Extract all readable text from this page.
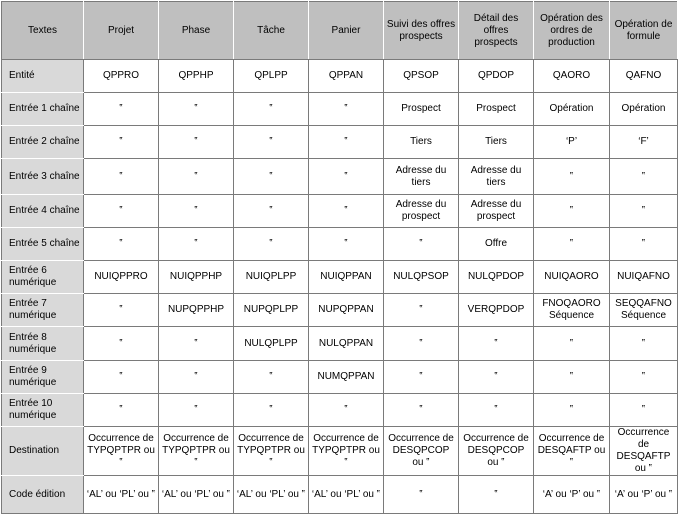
Textes	Projet	Phase	Tâche	Panier	Suivi des offres prospects	Détail des offres prospects	Opération des ordres de production	Opération de formule
Entité	QPPRO	QPPHP	QPLPP	QPPAN	QPSOP	QPDOP	QAORO	QAFNO
Entrée 1 chaîne	‟	‟	‟	‟	Prospect	Prospect	Opération	Opération
Entrée 2 chaîne	‟	‟	‟	‟	Tiers	Tiers	‘P’	‘F’
Entrée 3 chaîne	‟	‟	‟	‟	Adresse du tiers	Adresse du tiers	‟	‟
Entrée 4 chaîne	‟	‟	‟	‟	Adresse du prospect	Adresse du prospect	‟	‟
Entrée 5 chaîne	‟	‟	‟	‟	‟	Offre	‟	‟
Entrée 6 numérique	NUIQPPRO	NUIQPPHP	NUIQPLPP	NUIQPPAN	NULQPSOP	NULQPDOP	NUIQAORO	NUIQAFNO
Entrée 7 numérique	‟	NUPQPPHP	NUPQPLPP	NUPQPPAN	‟	VERQPDOP	FNOQAORO Séquence	SEQQAFNO Séquence
Entrée 8 numérique	‟	‟	NULQPLPP	NULQPPAN	‟	‟	‟	‟
Entrée 9 numérique	‟	‟	‟	NUMQPPAN	‟	‟	‟	‟
Entrée 10 numérique	‟	‟	‟	‟	‟	‟	‟	‟
Destination	Occurrence de TYPQPTPR ou ‟	Occurrence de TYPQPTPR ou ‟	Occurrence de TYPQPTPR ou ‟	Occurrence de TYPQPTPR ou ‟	Occurrence de DESQPCOP ou ‟	Occurrence de DESQPCOP ou ‟	Occurrence de DESQAFTP ou ‟	Occurrence de DESQAFTP ou ‟
Code édition	‘AL’ ou ‘PL’ ou ‟	‘AL’ ou ‘PL’ ou ‟	‘AL’ ou ‘PL’ ou ‟	‘AL’ ou ‘PL’ ou ‟	‟	‟	‘A’ ou ‘P’ ou ‟	‘A’ ou ‘P’ ou ‟
